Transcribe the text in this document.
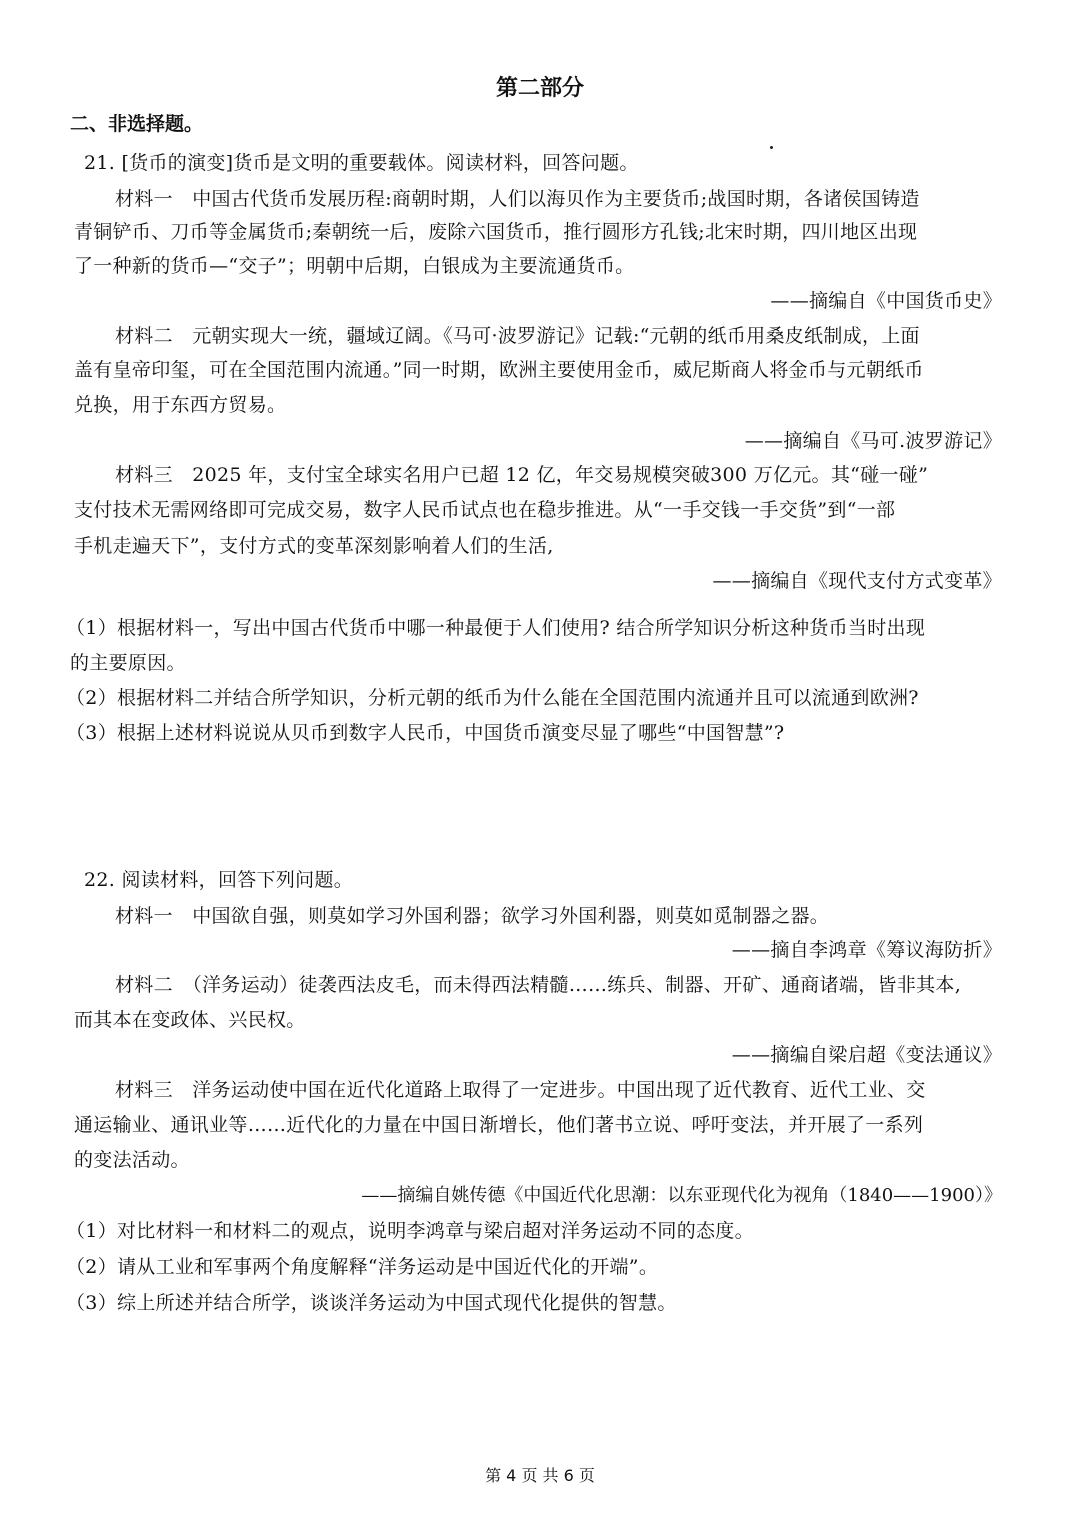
第二部分
二、非选择题。
21. [货币的演变]货币是文明的重要载体。阅读材料，回答问题。
材料一　中国古代货币发展历程:商朝时期，人们以海贝作为主要货币;战国时期，各诸侯国铸造
青铜铲币、刀币等金属货币;秦朝统一后，废除六国货币，推行圆形方孔钱;北宋时期，四川地区出现
了一种新的货币—“交子”；明朝中后期，白银成为主要流通货币。
——摘编自《中国货币史》
材料二　元朝实现大一统，疆域辽阔。《马可·波罗游记》记载:“元朝的纸币用桑皮纸制成，上面
盖有皇帝印玺，可在全国范围内流通。”同一时期，欧洲主要使用金币，威尼斯商人将金币与元朝纸币
兑换，用于东西方贸易。
——摘编自《马可.波罗游记》
材料三　2025 年，支付宝全球实名用户已超 12 亿，年交易规模突破300 万亿元。其“碰一碰”
支付技术无需网络即可完成交易，数字人民币试点也在稳步推进。从“一手交钱一手交货”到“一部
手机走遍天下”，支付方式的变革深刻影响着人们的生活,
——摘编自《现代支付方式变革》
（1）根据材料一，写出中国古代货币中哪一种最便于人们使用? 结合所学知识分析这种货币当时出现
的主要原因。
（2）根据材料二并结合所学知识，分析元朝的纸币为什么能在全国范围内流通并且可以流通到欧洲?
（3）根据上述材料说说从贝币到数字人民币，中国货币演变尽显了哪些“中国智慧”?
22. 阅读材料，回答下列问题。
材料一　中国欲自强，则莫如学习外国利器；欲学习外国利器，则莫如觅制器之器。
——摘自李鸿章《筹议海防折》
材料二　（洋务运动）徒袭西法皮毛，而未得西法精髓……练兵、制器、开矿、通商诸端，皆非其本,
而其本在变政体、兴民权。
——摘编自梁启超《变法通议》
材料三　洋务运动使中国在近代化道路上取得了一定进步。中国出现了近代教育、近代工业、交
通运输业、通讯业等……近代化的力量在中国日渐增长，他们著书立说、呼吁变法，并开展了一系列
的变法活动。
——摘编自姚传德《中国近代化思潮：以东亚现代化为视角（1840——1900）》
（1）对比材料一和材料二的观点，说明李鸿章与梁启超对洋务运动不同的态度。
（2）请从工业和军事两个角度解释“洋务运动是中国近代化的开端”。
（3）综上所述并结合所学，谈谈洋务运动为中国式现代化提供的智慧。
第 4 页 共 6 页
